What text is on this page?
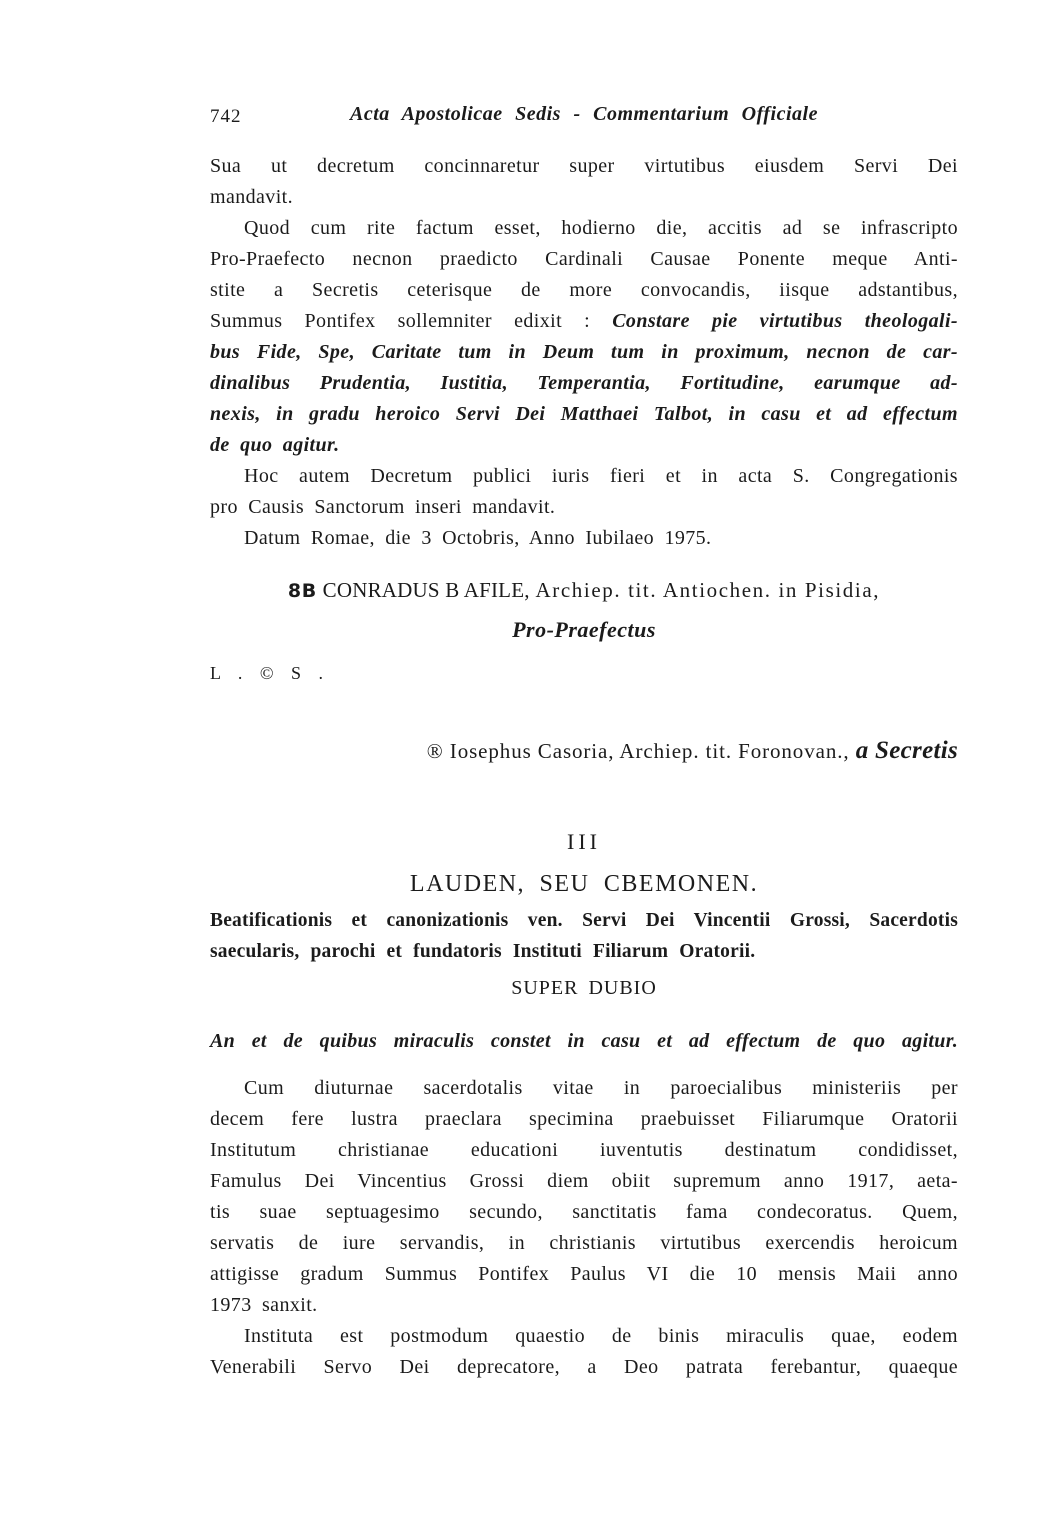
742	Acta Apostolicae Sedis - Commentarium Officiale
Sua ut decretum concinnaretur super virtutibus eiusdem Servi Dei
mandavit.
Quod cum rite factum esset, hodierno die, accitis ad se infrascripto
Pro-Praefecto necnon praedicto Cardinali Causae Ponente meque Anti-
stite a Secretis ceterisque de more convocandis, iisque adstantibus,
Summus Pontifex sollemniter edixit : Constare pie virtutibus theologali-
bus Fide, Spe, Caritate tum in Deum tum in proximum, necnon de car-
dinalibus Prudentia, Iustitia, Temperantia, Fortitudine, earumque ad-
nexis, in gradu heroico Servi Dei Matthaei Talbot, in casu et ad effectum
de quo agitur.
Hoc autem Decretum publici iuris fieri et in acta S. Congregationis
pro Causis Sanctorum inseri mandavit.
Datum Romae, die 3 Octobris, Anno Iubilaeo 1975.
8B CONRADUS B AFILE, Archiep. tit. Antiochen. in Pisidia,
Pro-Praefectus
L . © S .
® Iosephus Casoria, Archiep. tit. Foronovan., a Secretis
III
LAUDEN, SEU CBEMONEN.
Beatificationis et canonizationis ven. Servi Dei Vincentii Grossi, Sacerdotis
saecularis, parochi et fundatoris Instituti Filiarum Oratorii.
SUPER DUBIO
An et de quibus miraculis constet in casu et ad effectum de quo agitur.
Cum diuturnae sacerdotalis vitae in paroecialibus ministeriis per
decem fere lustra praeclara specimina praebuisset Filiarumque Oratorii
Institutum christianae educationi iuventutis destinatum condidisset,
Famulus Dei Vincentius Grossi diem obiit supremum anno 1917, aeta-
tis suae septuagesimo secundo, sanctitatis fama condecoratus. Quem,
servatis de iure servandis, in christianis virtutibus exercendis heroicum
attigisse gradum Summus Pontifex Paulus VI die 10 mensis Maii anno
1973 sanxit.
Instituta est postmodum quaestio de binis miraculis quae, eodem
Venerabili Servo Dei deprecatore, a Deo patrata ferebantur, quaeque
